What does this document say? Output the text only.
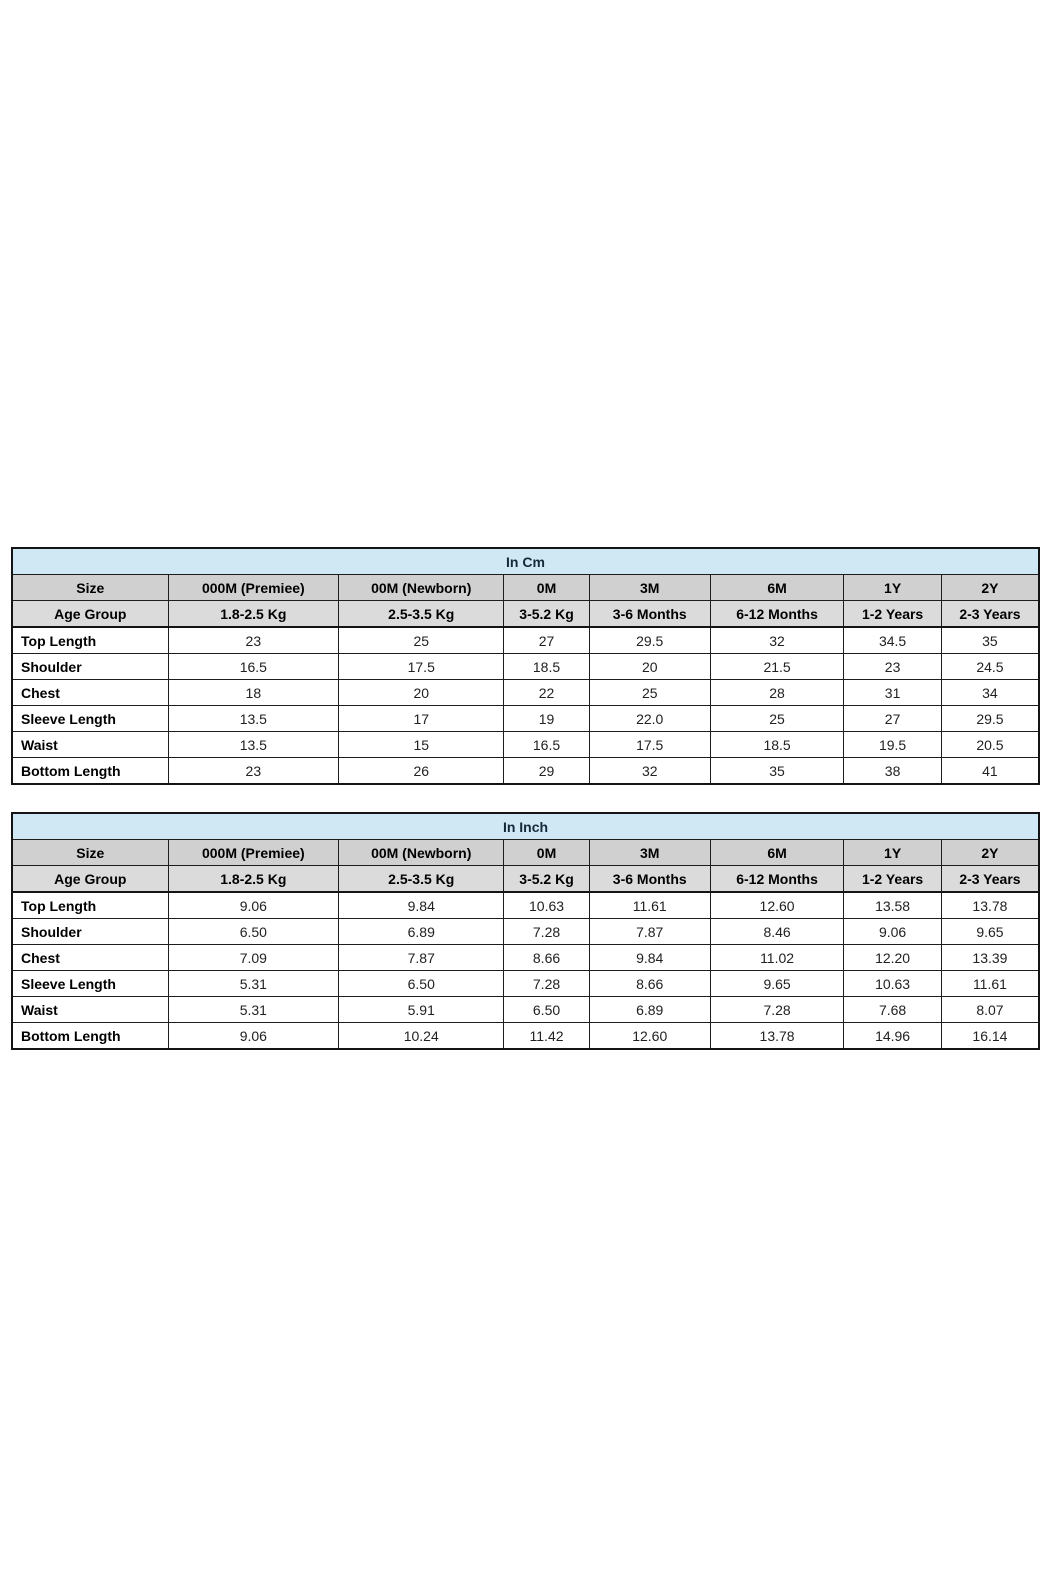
In Cm							
Size	000M (Premiee)	00M (Newborn)	0M	3M	6M	1Y	2Y
Age Group	1.8-2.5 Kg	2.5-3.5 Kg	3-5.2 Kg	3-6 Months	6-12 Months	1-2 Years	2-3 Years
Top Length	23	25	27	29.5	32	34.5	35
Shoulder	16.5	17.5	18.5	20	21.5	23	24.5
Chest	18	20	22	25	28	31	34
Sleeve Length	13.5	17	19	22.0	25	27	29.5
Waist	13.5	15	16.5	17.5	18.5	19.5	20.5
Bottom Length	23	26	29	32	35	38	41
In Inch							
Size	000M (Premiee)	00M (Newborn)	0M	3M	6M	1Y	2Y
Age Group	1.8-2.5 Kg	2.5-3.5 Kg	3-5.2 Kg	3-6 Months	6-12 Months	1-2 Years	2-3 Years
Top Length	9.06	9.84	10.63	11.61	12.60	13.58	13.78
Shoulder	6.50	6.89	7.28	7.87	8.46	9.06	9.65
Chest	7.09	7.87	8.66	9.84	11.02	12.20	13.39
Sleeve Length	5.31	6.50	7.28	8.66	9.65	10.63	11.61
Waist	5.31	5.91	6.50	6.89	7.28	7.68	8.07
Bottom Length	9.06	10.24	11.42	12.60	13.78	14.96	16.14
